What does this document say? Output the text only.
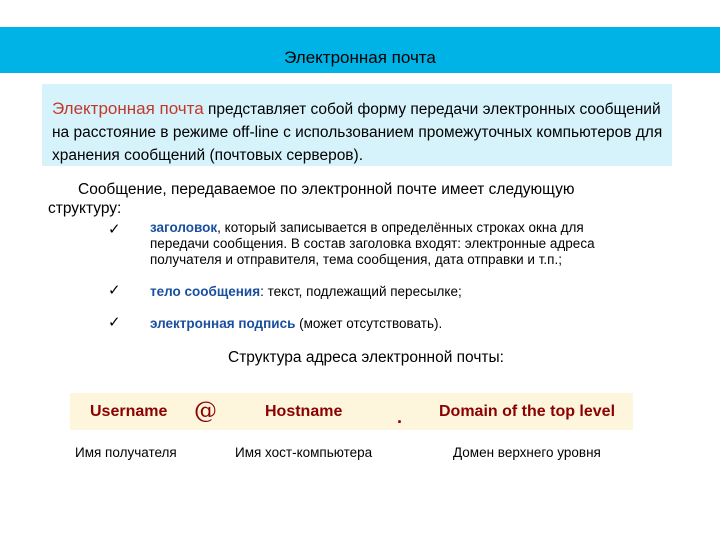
Электронная почта

Электронная почта представляет собой форму передачи электронных сообщений на расстояние в режиме off-line с использованием промежуточных компьютеров для хранения сообщений (почтовых серверов).

Сообщение, передаваемое по электронной почте имеет следующую
структуру:
✓ заголовок, который записывается в определённых строках окна для передачи сообщения. В состав заголовка входят: электронные адреса получателя и отправителя, тема сообщения, дата отправки и т.п.;
✓ тело сообщения: текст, подлежащий пересылке;
✓ электронная подпись (может отсутствовать).
Структура адреса электронной почты:
Username @	Hostname	. Domain of the top level
Имя получателя	Имя хост-компьютера	Домен верхнего уровня
